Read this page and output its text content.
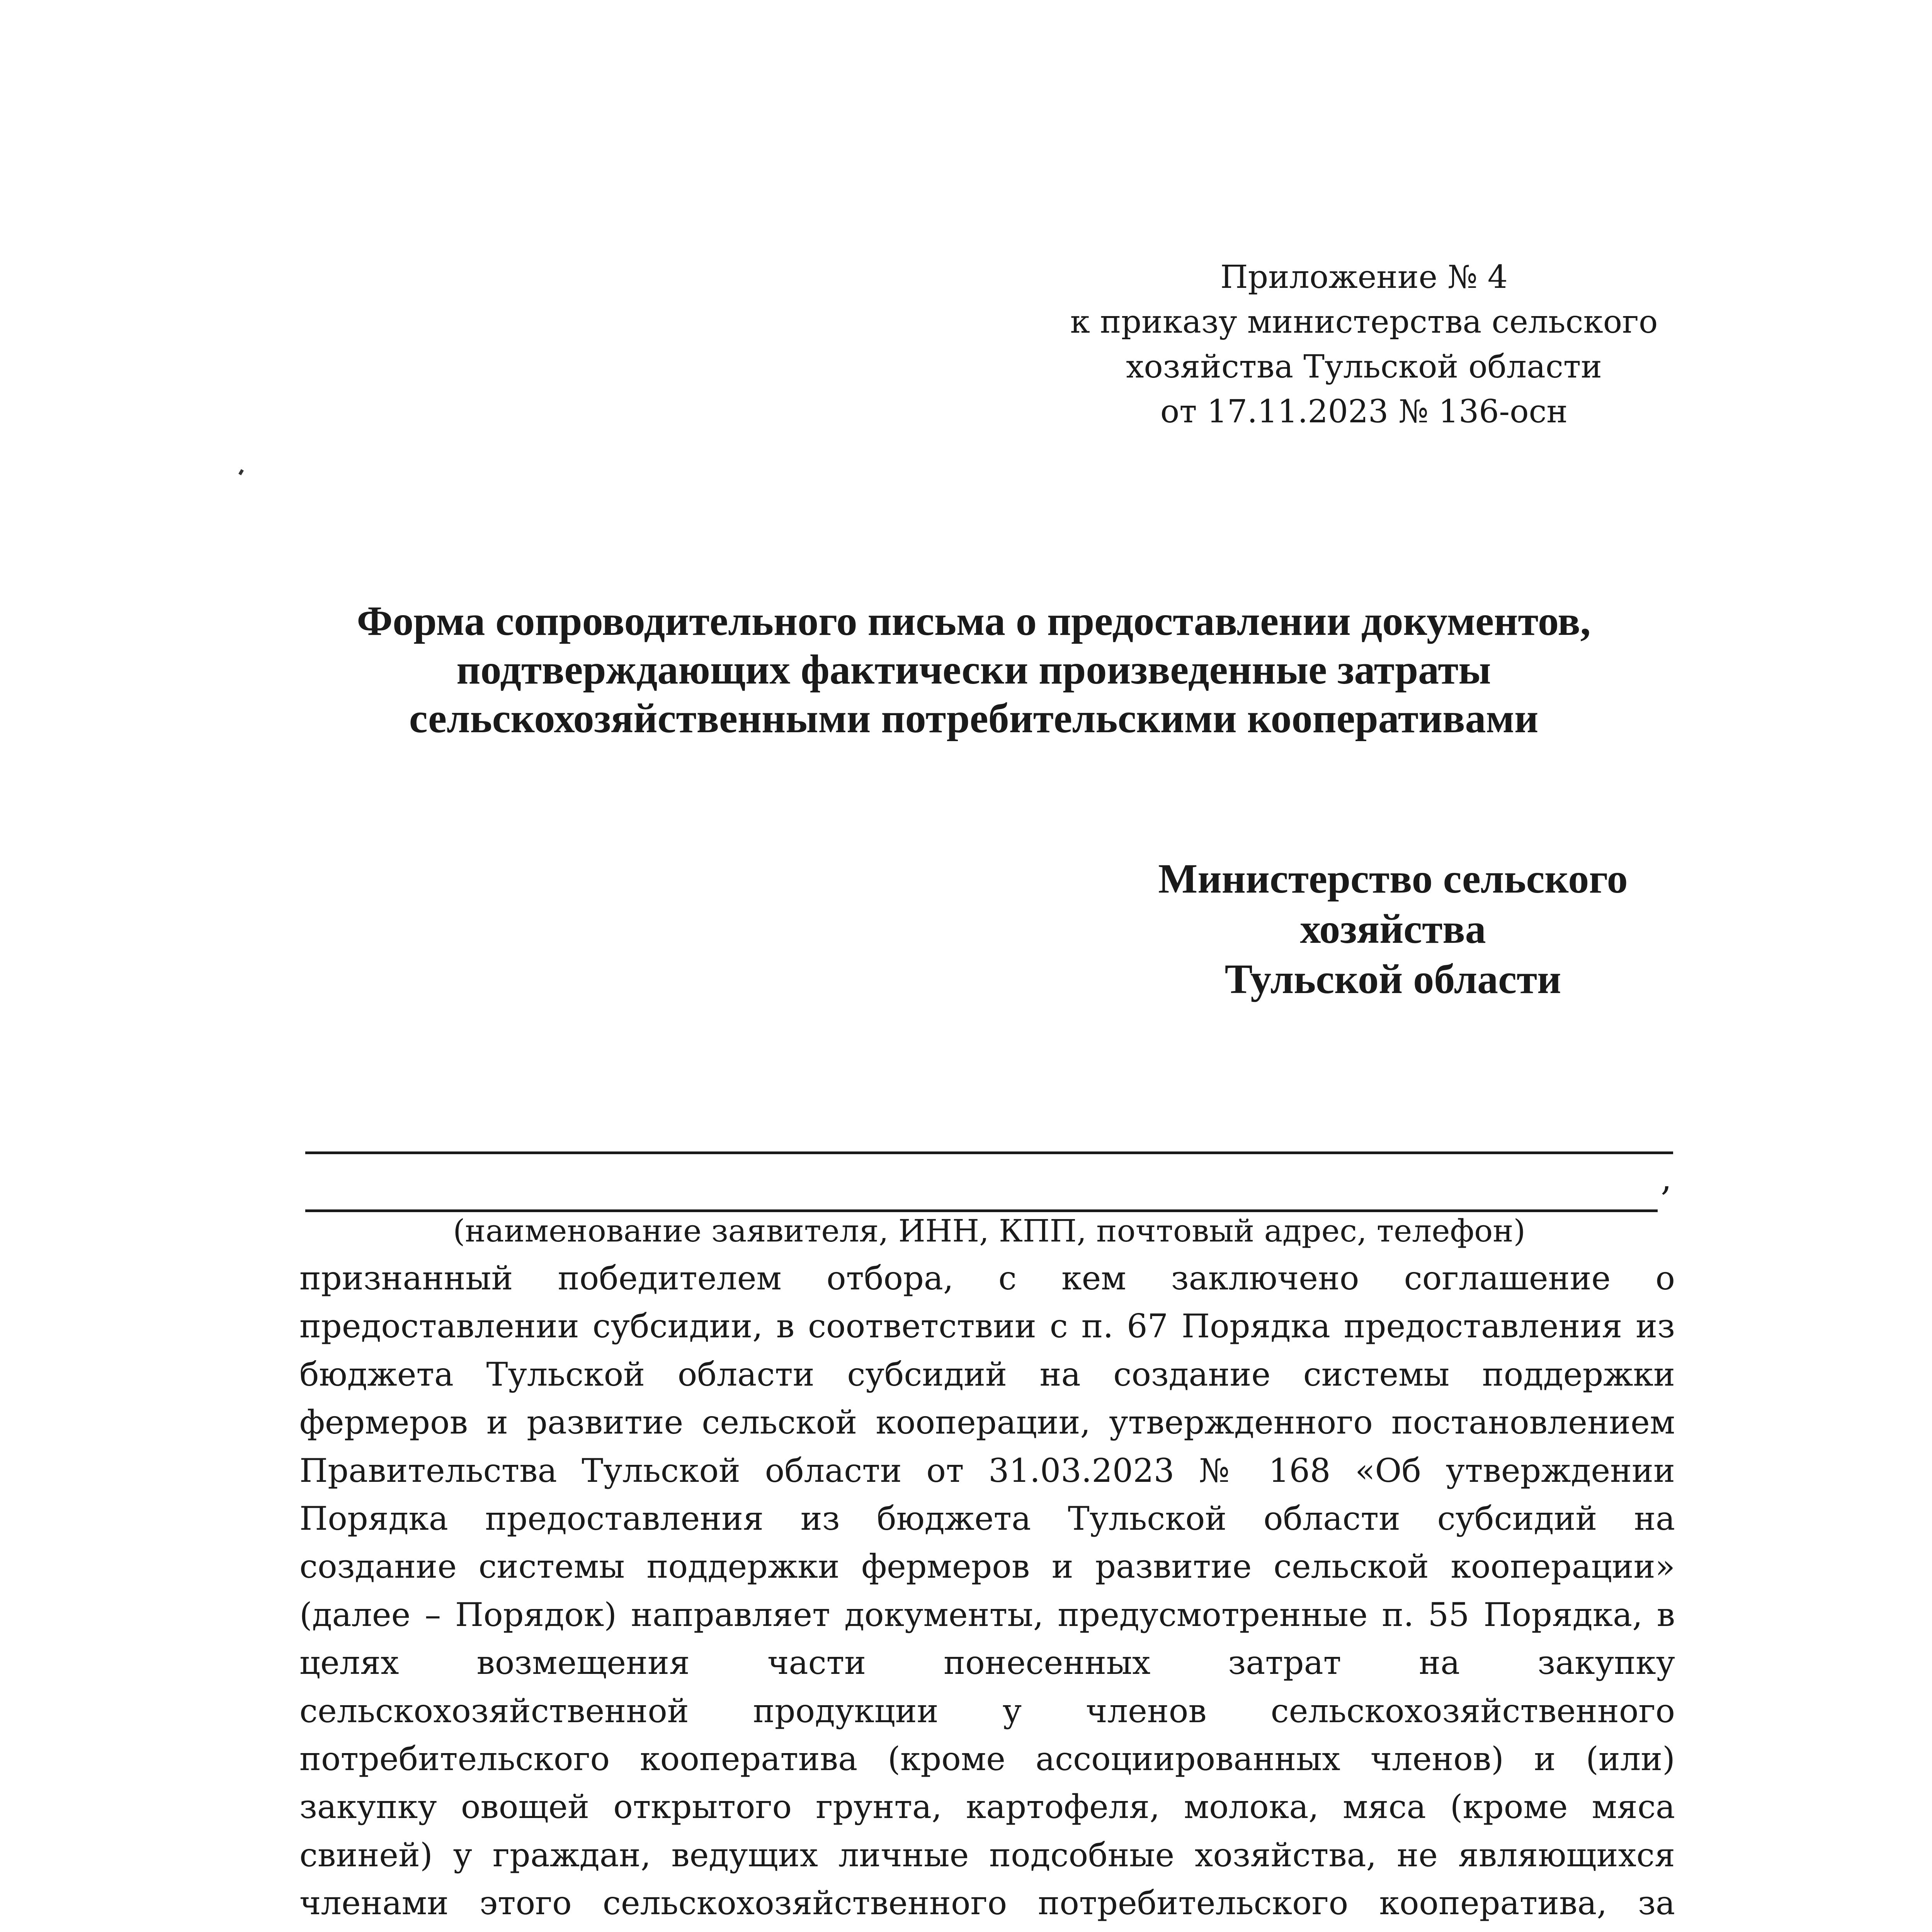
Приложение № 4
к приказу министерства сельского
хозяйства Тульской области
от 17.11.2023 № 136-осн
Форма сопроводительного письма о предоставлении документов,
подтверждающих фактически произведенные затраты
сельскохозяйственными потребительскими кооперативами
Министерство сельского
хозяйства
Тульской области
,
(наименование заявителя, ИНН, КПП, почтовый адрес, телефон)
признанный победителем отбора, с кем заключено соглашение о
предоставлении субсидии, в соответствии с п. 67 Порядка предоставления из
бюджета Тульской области субсидий на создание системы поддержки
фермеров и развитие сельской кооперации, утвержденного постановлением
Правительства Тульской области от 31.03.2023 № 168 «Об утверждении
Порядка предоставления из бюджета Тульской области субсидий на
создание системы поддержки фермеров и развитие сельской кооперации»
(далее – Порядок) направляет документы, предусмотренные п. 55 Порядка, в
целях возмещения части понесенных затрат на закупку
сельскохозяйственной продукции у членов сельскохозяйственного
потребительского кооператива (кроме ассоциированных членов) и (или)
закупку овощей открытого грунта, картофеля, молока, мяса (кроме мяса
свиней) у граждан, ведущих личные подсобные хозяйства, не являющихся
членами этого сельскохозяйственного потребительского кооператива, за
